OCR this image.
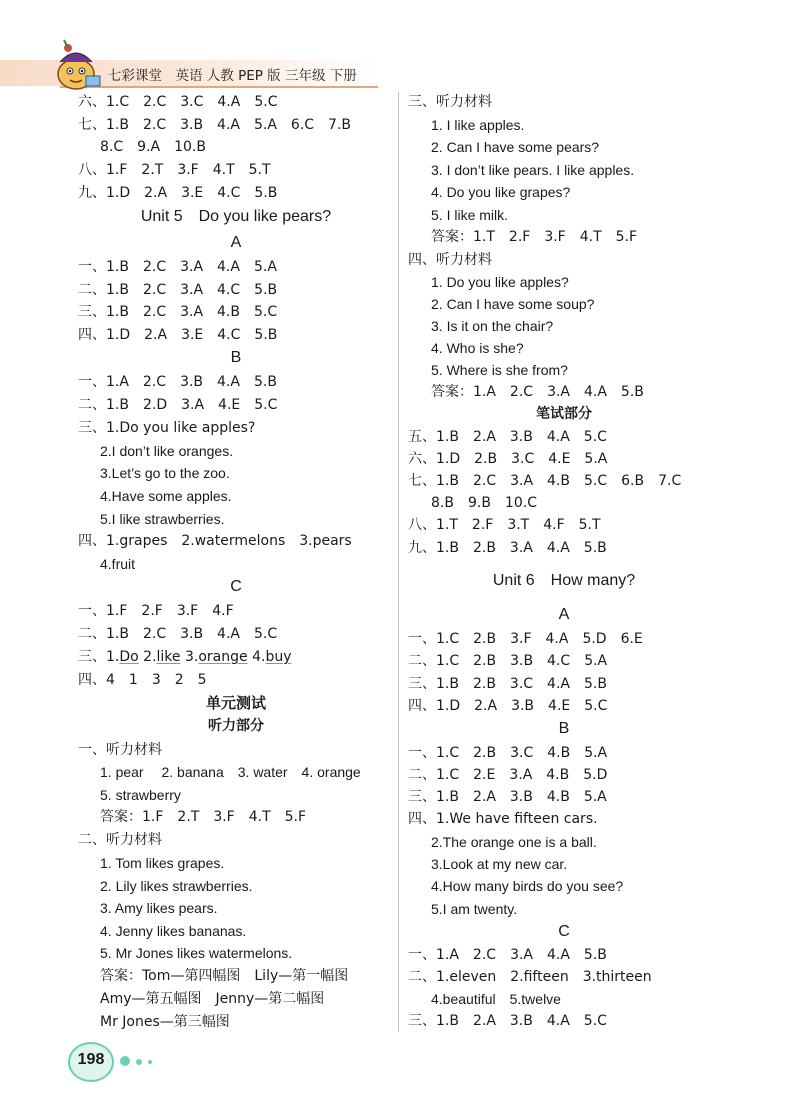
七彩课堂　英语 人教 PEP 版 三年级 下册
六、1.C　2.C　3.C　4.A　5.C
七、1.B　2.C　3.B　4.A　5.A　6.C　7.B
8.C　9.A　10.B
八、1.F　2.T　3.F　4.T　5.T
九、1.D　2.A　3.E　4.C　5.B
Unit 5　Do you like pears?
A
一、1.B　2.C　3.A　4.A　5.A
二、1.B　2.C　3.A　4.C　5.B
三、1.B　2.C　3.A　4.B　5.C
四、1.D　2.A　3.E　4.C　5.B
B
一、1.A　2.C　3.B　4.A　5.B
二、1.B　2.D　3.A　4.E　5.C
三、1.Do you like apples?
2.I don’t like oranges.
3.Let’s go to the zoo.
4.Have some apples.
5.I like strawberries.
四、1.grapes　2.watermelons　3.pears
4.fruit
C
一、1.F　2.F　3.F　4.F
二、1.B　2.C　3.B　4.A　5.C
三、1.Do 2.like 3.orange 4.buy
四、4　1　3　2　5
单元测试
听力部分
一、听力材料
1. pear　 2. banana　3. water　4. orange
5. strawberry
答案：1.F　2.T　3.F　4.T　5.F
二、听力材料
1. Tom likes grapes.
2. Lily likes strawberries.
3. Amy likes pears.
4. Jenny likes bananas.
5. Mr Jones likes watermelons.
答案：Tom—第四幅图　Lily—第一幅图
Amy—第五幅图　Jenny—第二幅图
Mr Jones—第三幅图
三、听力材料
1. I like apples.
2. Can I have some pears?
3. I don’t like pears. I like apples.
4. Do you like grapes?
5. I like milk.
答案：1.T　2.F　3.F　4.T　5.F
四、听力材料
1. Do you like apples?
2. Can I have some soup?
3. Is it on the chair?
4. Who is she?
5. Where is she from?
答案：1.A　2.C　3.A　4.A　5.B
笔试部分
五、1.B　2.A　3.B　4.A　5.C
六、1.D　2.B　3.C　4.E　5.A
七、1.B　2.C　3.A　4.B　5.C　6.B　7.C
8.B　9.B　10.C
八、1.T　2.F　3.T　4.F　5.T
九、1.B　2.B　3.A　4.A　5.B
Unit 6　How many?
A
一、1.C　2.B　3.F　4.A　5.D　6.E
二、1.C　2.B　3.B　4.C　5.A
三、1.B　2.B　3.C　4.A　5.B
四、1.D　2.A　3.B　4.E　5.C
B
一、1.C　2.B　3.C　4.B　5.A
二、1.C　2.E　3.A　4.B　5.D
三、1.B　2.A　3.B　4.B　5.A
四、1.We have fifteen cars.
2.The orange one is a ball.
3.Look at my new car.
4.How many birds do you see?
5.I am twenty.
C
一、1.A　2.C　3.A　4.A　5.B
二、1.eleven　2.fifteen　3.thirteen
4.beautiful　5.twelve
三、1.B　2.A　3.B　4.A　5.C
198
